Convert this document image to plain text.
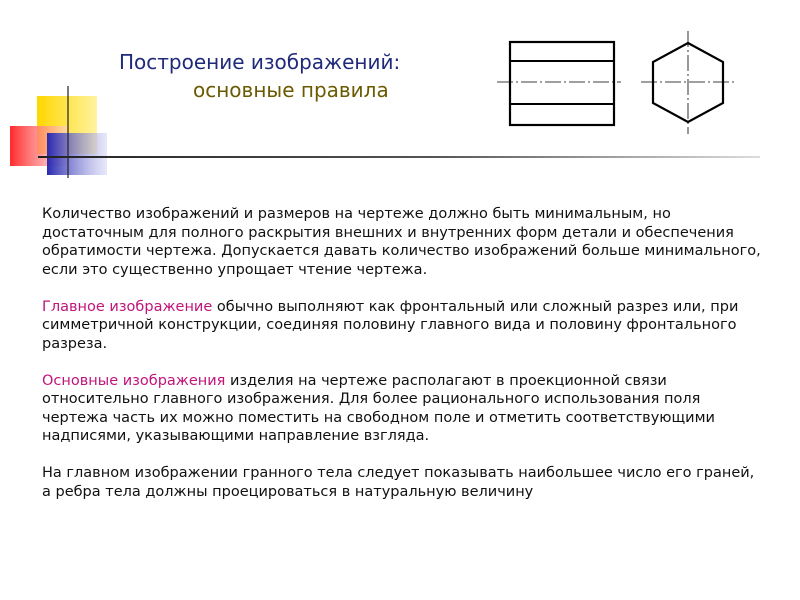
Построение изображений:
основные правила

Количество изображений и размеров на чертеже должно быть минимальным, но достаточным для полного раскрытия внешних и внутренних форм детали и обеспечения обратимости чертежа. Допускается давать количество изображений больше минимального, если это существенно упрощает чтение чертежа.

Главное изображение обычно выполняют как фронтальный или сложный разрез или, при симметричной конструкции, соединяя половину главного вида и половину фронтального разреза.

Основные изображения изделия на чертеже располагают в проекционной связи относительно главного изображения. Для более рационального использования поля чертежа часть их можно поместить на свободном поле и отметить соответствующими надписями, указывающими направление взгляда.

На главном изображении гранного тела следует показывать наибольшее число его граней, а ребра тела должны проецироваться в натуральную величину
